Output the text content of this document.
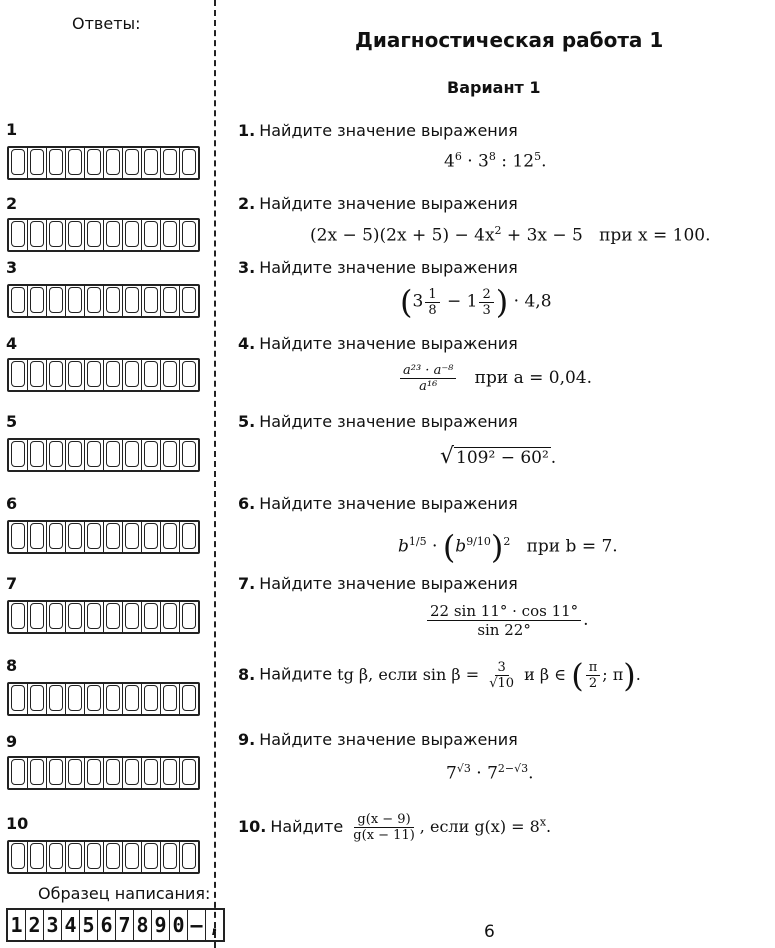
Ответы:
1
2
3
4
5
6
7
8
9
10
Образец написания:
1 2 3 4 5 6 7 8 9 0 – ,
Диагностическая работа 1
Вариант 1
1. Найдите значение выражения
$4^6 \cdot 3^8$ : $12^5$.
2. Найдите значение выражения
$(2x - 5)(2x + 5) - 4x^2 + 3x - 5$ при x = 100.
3. Найдите значение выражения
($3 \frac{1}{8} - 1 \frac{2}{3}$ ) · 4,8
4. Найдите значение выражения
$\frac{\text{a²³ · a⁻⁸}}{\text{a¹⁶}}$ при a = 0,04.
5. Найдите значение выражения
√ 109² − 60² .
6. Найдите значение выражения
$b^{1/5} \cdot (b^{9/10})^2$ при b = 7.
7. Найдите значение выражения
$\frac{22 \sin 11^\circ \cdot \cos 11^\circ}{\sin 22^\circ}$ .
8. Найдите tg β, если $\sin \beta = \frac{3}{√10}$ и β ∈ ( $\frac{\pi}{2}$ ; π).
9. Найдите значение выражения
$7^{√3} \cdot 7^{2-√3}$.
10. Найдите $\frac{g(x - 9)}{g(x - 11)}$ , если $g(x) = 8^x$.
6
